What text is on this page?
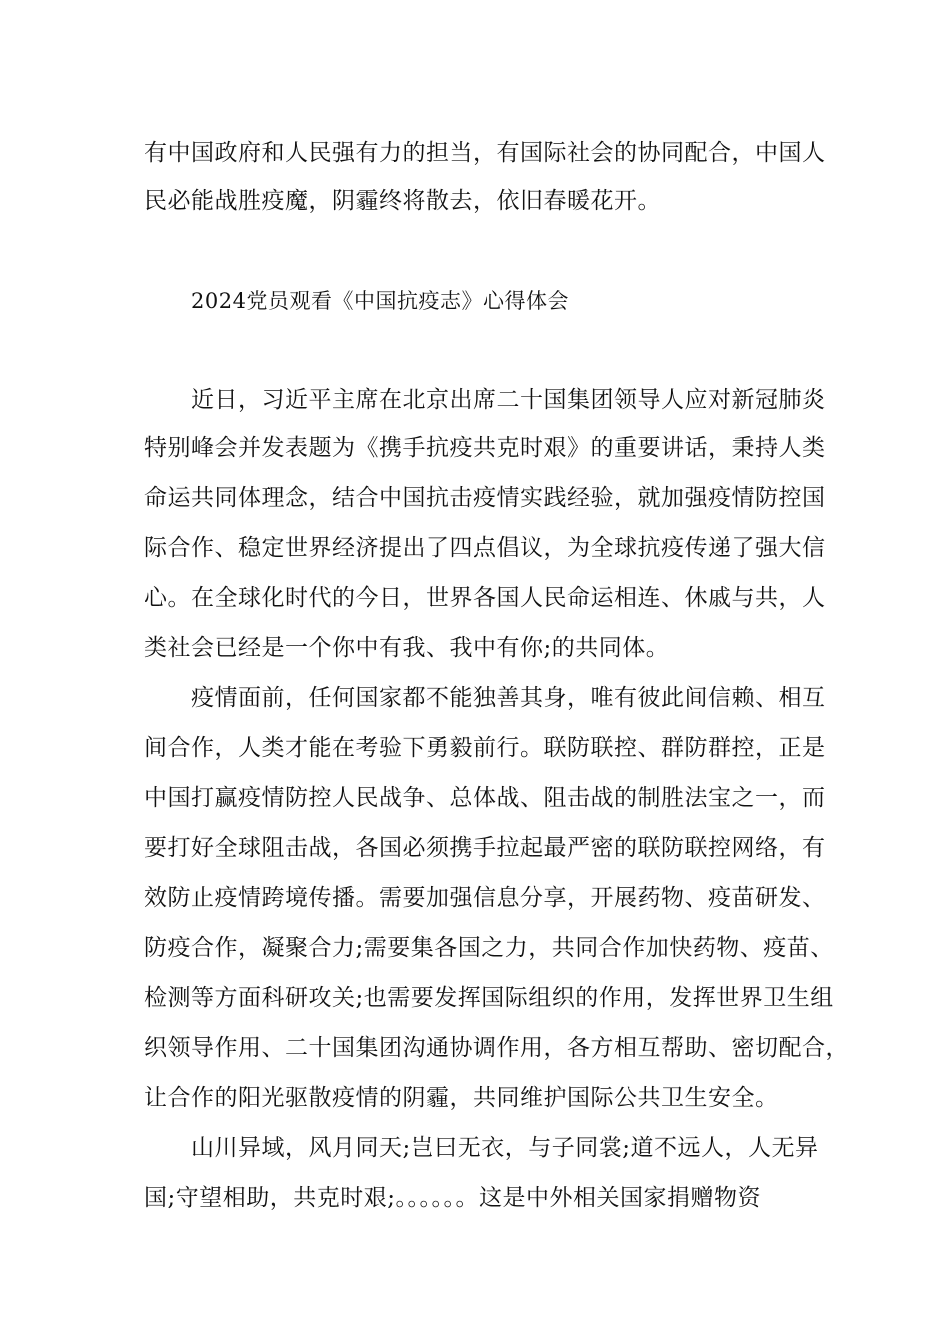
有中国政府和人民强有力的担当，有国际社会的协同配合，中国人
民必能战胜疫魔，阴霾终将散去，依旧春暖花开。
2024党员观看《中国抗疫志》心得体会
近日，习近平主席在北京出席二十国集团领导人应对新冠肺炎
特别峰会并发表题为《携手抗疫共克时艰》的重要讲话，秉持人类
命运共同体理念，结合中国抗击疫情实践经验，就加强疫情防控国
际合作、稳定世界经济提出了四点倡议，为全球抗疫传递了强大信
心。在全球化时代的今日，世界各国人民命运相连、休戚与共，人
类社会已经是一个你中有我、我中有你;的共同体。
疫情面前，任何国家都不能独善其身，唯有彼此间信赖、相互
间合作，人类才能在考验下勇毅前行。联防联控、群防群控，正是
中国打赢疫情防控人民战争、总体战、阻击战的制胜法宝之一，而
要打好全球阻击战，各国必须携手拉起最严密的联防联控网络，有
效防止疫情跨境传播。需要加强信息分享，开展药物、疫苗研发、
防疫合作，凝聚合力;需要集各国之力，共同合作加快药物、疫苗、
检测等方面科研攻关;也需要发挥国际组织的作用，发挥世界卫生组
织领导作用、二十国集团沟通协调作用，各方相互帮助、密切配合，
让合作的阳光驱散疫情的阴霾，共同维护国际公共卫生安全。
山川异域，风月同天;岂曰无衣，与子同裳;道不远人，人无异
国;守望相助，共克时艰;。。。。。。这是中外相关国家捐赠物资
